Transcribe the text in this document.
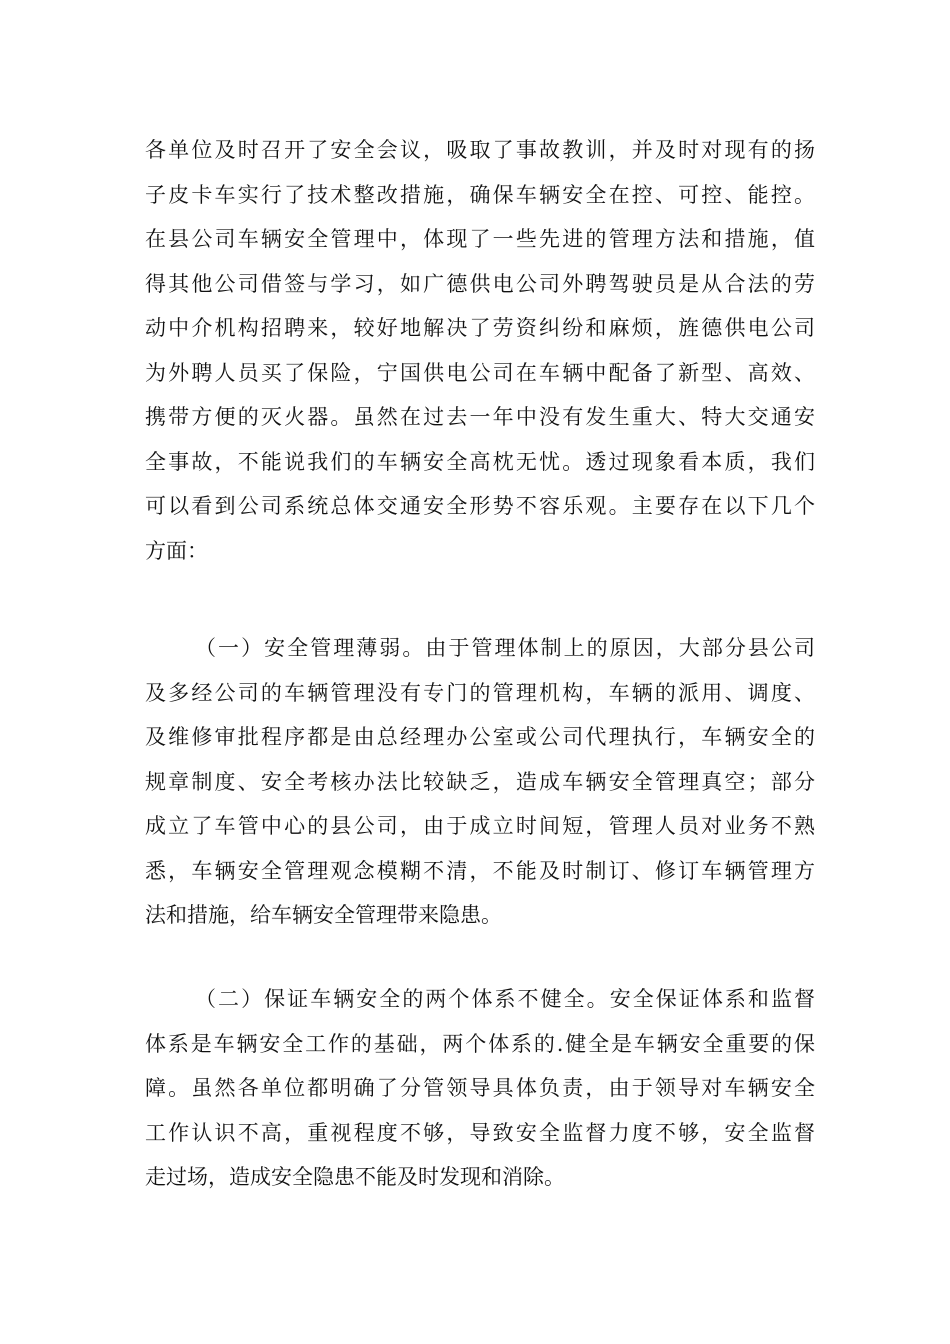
各单位及时召开了安全会议，吸取了事故教训，并及时对现有的扬
子皮卡车实行了技术整改措施，确保车辆安全在控、可控、能控。
在县公司车辆安全管理中，体现了一些先进的管理方法和措施，值
得其他公司借签与学习，如广德供电公司外聘驾驶员是从合法的劳
动中介机构招聘来，较好地解决了劳资纠纷和麻烦，旌德供电公司
为外聘人员买了保险，宁国供电公司在车辆中配备了新型、高效、
携带方便的灭火器。虽然在过去一年中没有发生重大、特大交通安
全事故，不能说我们的车辆安全高枕无忧。透过现象看本质，我们
可以看到公司系统总体交通安全形势不容乐观。主要存在以下几个
方面：
（一）安全管理薄弱。由于管理体制上的原因，大部分县公司
及多经公司的车辆管理没有专门的管理机构，车辆的派用、调度、
及维修审批程序都是由总经理办公室或公司代理执行，车辆安全的
规章制度、安全考核办法比较缺乏，造成车辆安全管理真空；部分
成立了车管中心的县公司，由于成立时间短，管理人员对业务不熟
悉，车辆安全管理观念模糊不清，不能及时制订、修订车辆管理方
法和措施，给车辆安全管理带来隐患。
（二）保证车辆安全的两个体系不健全。安全保证体系和监督
体系是车辆安全工作的基础，两个体系的.健全是车辆安全重要的保
障。虽然各单位都明确了分管领导具体负责，由于领导对车辆安全
工作认识不高，重视程度不够，导致安全监督力度不够，安全监督
走过场，造成安全隐患不能及时发现和消除。
